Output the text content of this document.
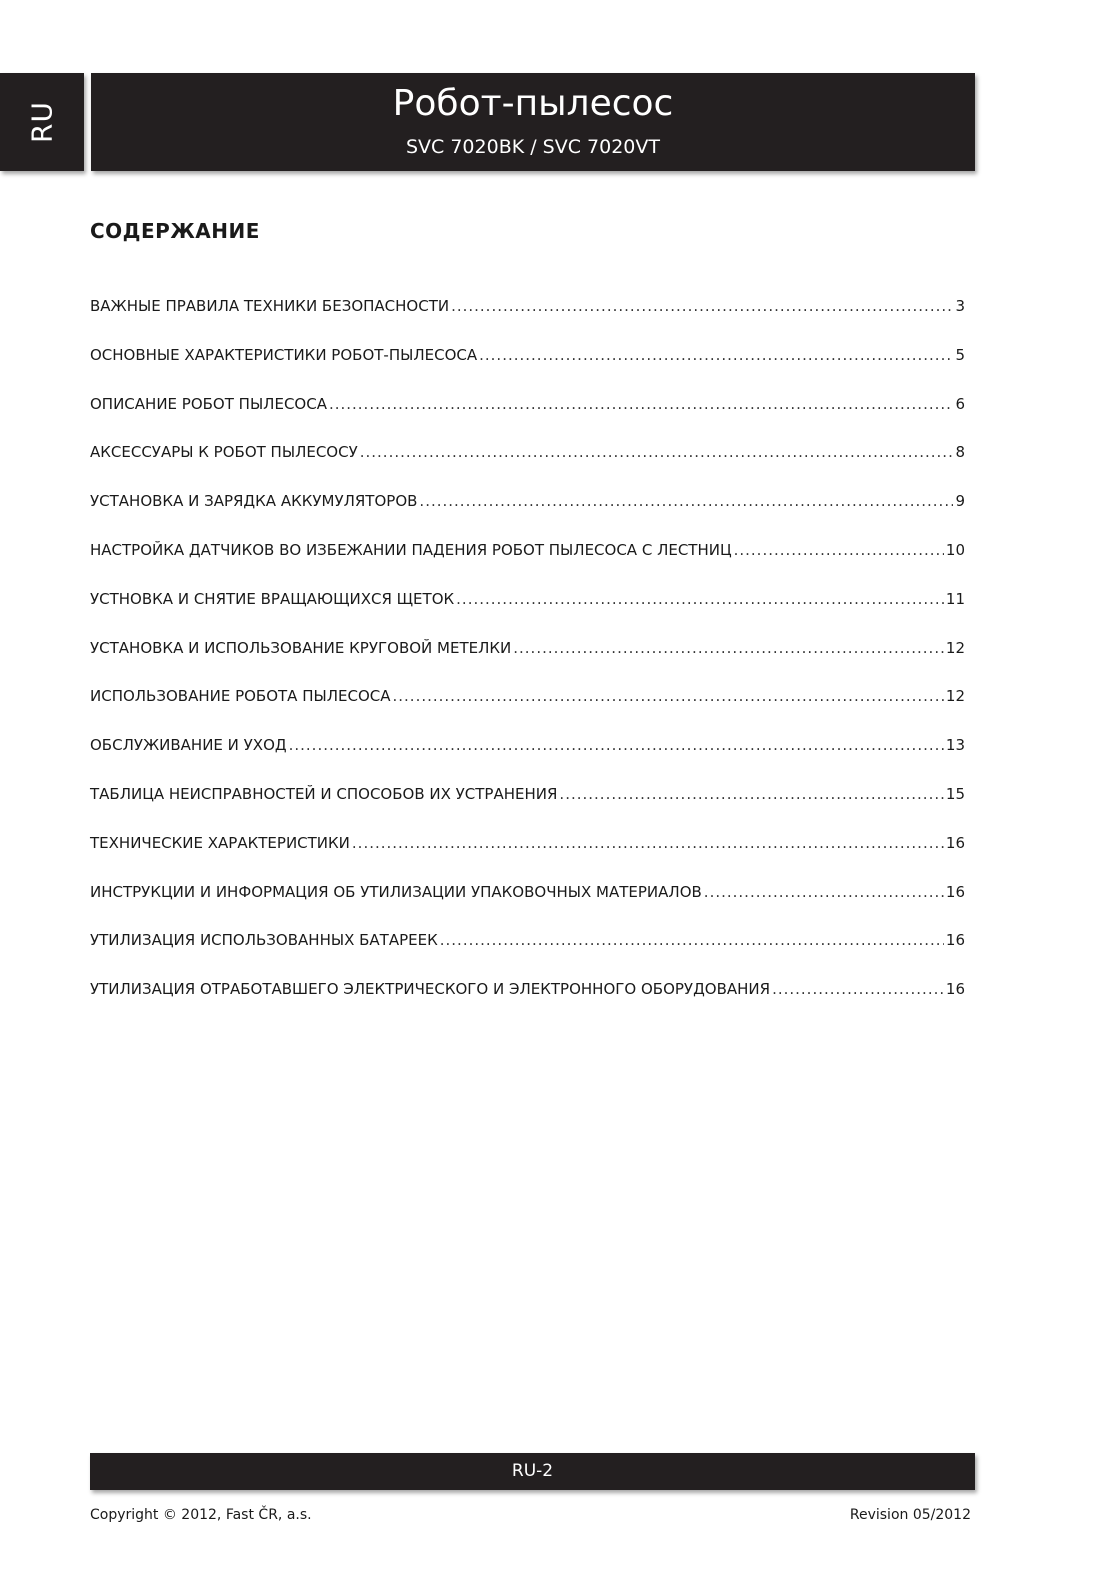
RU	Робот-пылесос
SVC 7020BK / SVC 7020VT
СОДЕРЖАНИЕ
ВАЖНЫЕ ПРАВИЛА ТЕХНИКИ БЕЗОПАСНОСТИ .....	3
ОСНОВНЫЕ ХАРАКТЕРИСТИКИ РОБОТ-ПЫЛЕСОСА .....	5
ОПИСАНИЕ РОБОТ ПЫЛЕСОСА .....	6
АКСЕССУАРЫ К РОБОТ ПЫЛЕСОСУ .....	8
УСТАНОВКА И ЗАРЯДКА АККУМУЛЯТОРОВ .....	9
НАСТРОЙКА ДАТЧИКОВ ВО ИЗБЕЖАНИИ ПАДЕНИЯ РОБОТ ПЫЛЕСОСА С ЛЕСТНИЦ .....	10
УСТНОВКА И СНЯТИЕ ВРАЩАЮЩИХСЯ ЩЕТОК .....	11
УСТАНОВКА И ИСПОЛЬЗОВАНИЕ КРУГОВОЙ МЕТЕЛКИ .....	12
ИСПОЛЬЗОВАНИЕ РОБОТА ПЫЛЕСОСА .....	12
ОБСЛУЖИВАНИЕ И УХОД .....	13
ТАБЛИЦА НЕИСПРАВНОСТЕЙ И СПОСОБОВ ИХ УСТРАНЕНИЯ .....	15
ТЕХНИЧЕСКИЕ ХАРАКТЕРИСТИКИ .....	16
ИНСТРУКЦИИ И ИНФОРМАЦИЯ ОБ УТИЛИЗАЦИИ УПАКОВОЧНЫХ МАТЕРИАЛОВ .....	16
УТИЛИЗАЦИЯ ИСПОЛЬЗОВАННЫХ БАТАРЕЕК .....	16
УТИЛИЗАЦИЯ ОТРАБОТАВШЕГО ЭЛЕКТРИЧЕСКОГО И ЭЛЕКТРОННОГО ОБОРУДОВАНИЯ .....	16
RU-2
Copyright © 2012, Fast ČR, a.s.	Revision 05/2012
